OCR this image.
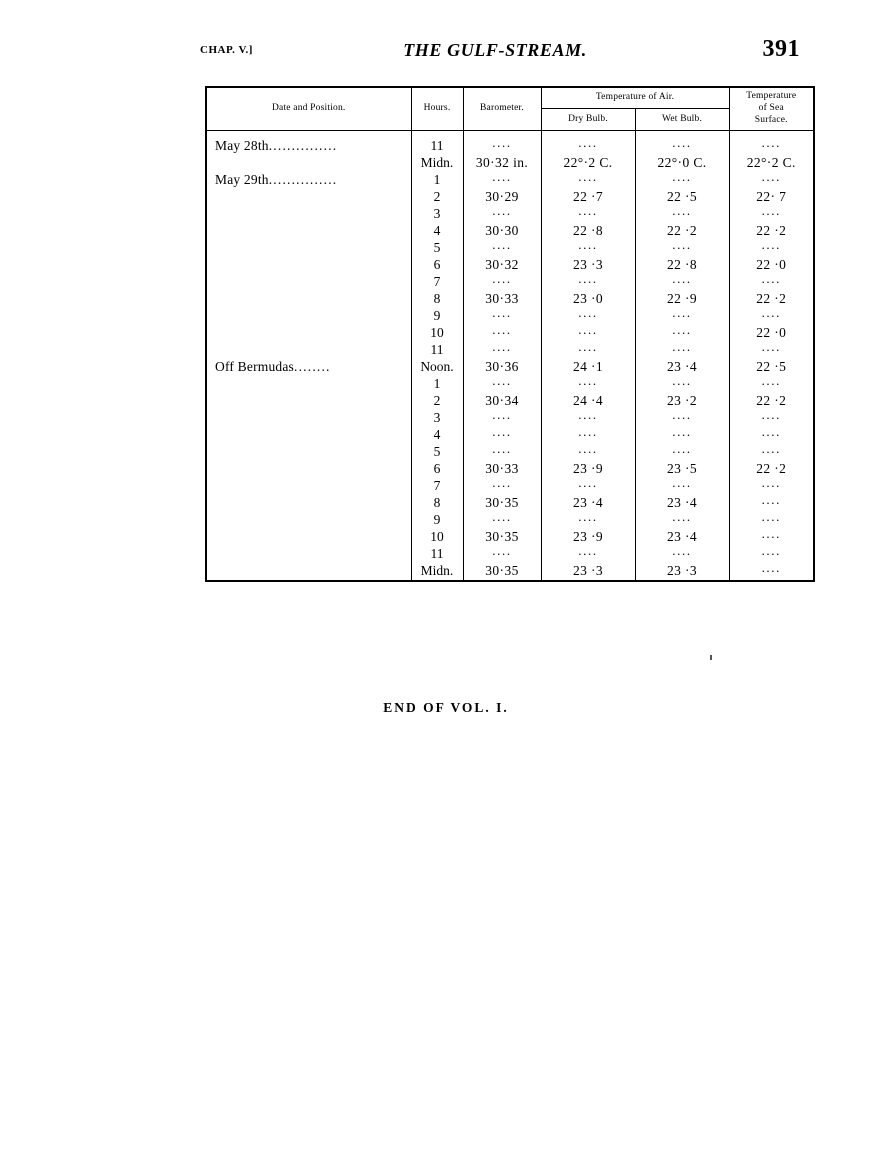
CHAP. V.]	THE GULF-STREAM.	391
Date and Position.	Hours.	Barometer.	Temperature of Air.		Temperature
of Sea
Surface.
			Dry Bulb.	Wet Bulb.	

May 28th...............	11	....	....	....	....
	Midn.	30·32 in.	22°·2 C.	22°·0 C.	22°·2 C.
May 29th...............	1	....	....	....	....
	2	30·29	22 ·7	22 ·5	22· 7
	3	....	....	....	....
	4	30·30	22 ·8	22 ·2	22 ·2
	5	....	....	....	....
	6	30·32	23 ·3	22 ·8	22 ·0
	7	....	....	....	....
	8	30·33	23 ·0	22 ·9	22 ·2
	9	....	....	....	....
	10	....	....	....	22 ·0
	11	....	....	....	....
Off Bermudas........	Noon.	30·36	24 ·1	23 ·4	22 ·5
	1	....	....	....	....
	2	30·34	24 ·4	23 ·2	22 ·2
	3	....	....	....	....
	4	....	....	....	....
	5	....	....	....	....
	6	30·33	23 ·9	23 ·5	22 ·2
	7	....	....	....	....
	8	30·35	23 ·4	23 ·4	....
	9	....	....	....	....
	10	30·35	23 ·9	23 ·4	....
	11	....	....	....	....
	Midn.	30·35	23 ·3	23 ·3	....
END OF VOL. I.
